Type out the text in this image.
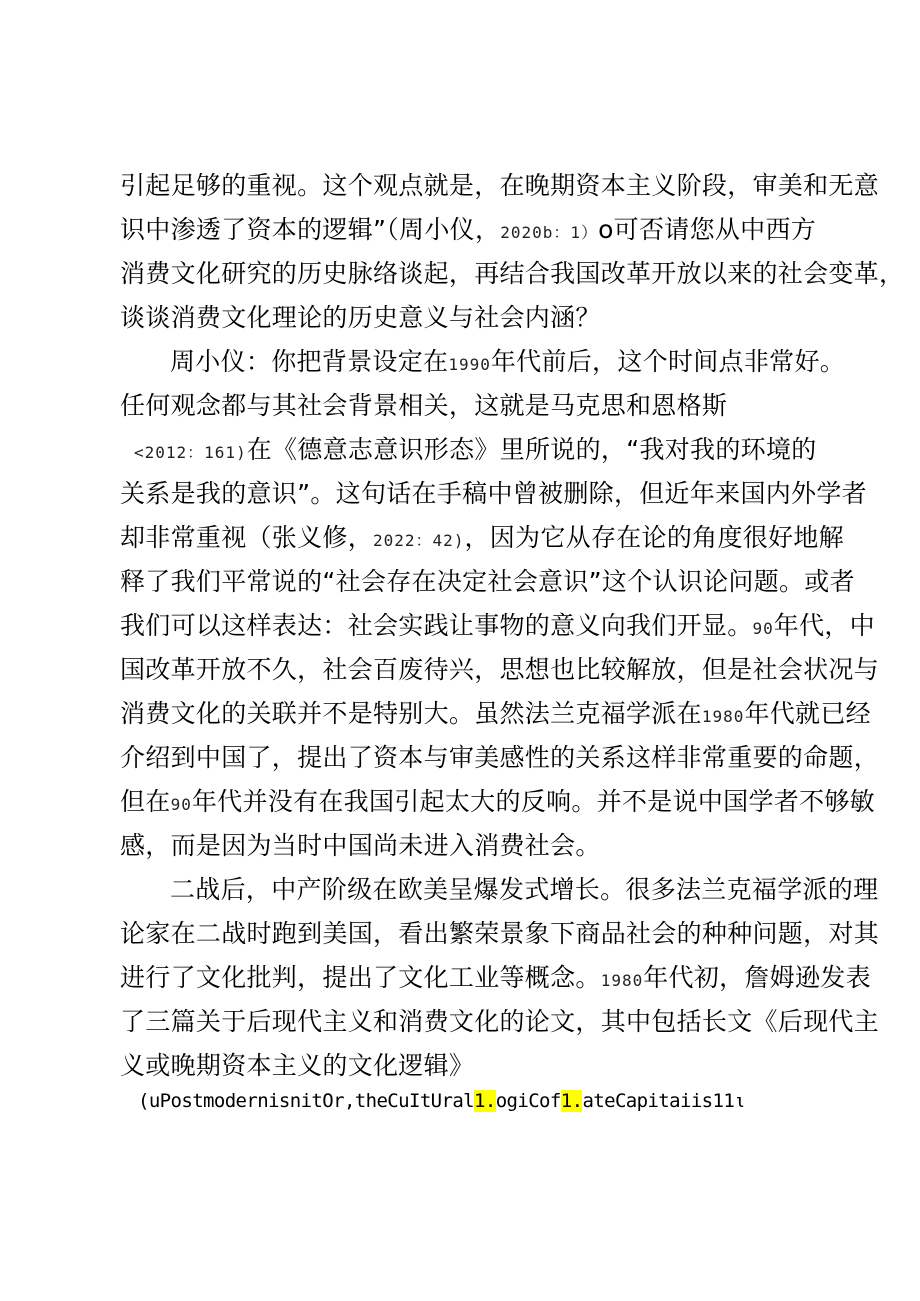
引起足够的重视。这个观点就是，在晚期资本主义阶段，审美和无意
识中渗透了资本的逻辑”（周小仪，2020b：1）o可否请您从中西方
消费文化研究的历史脉络谈起，再结合我国改革开放以来的社会变革，
谈谈消费文化理论的历史意义与社会内涵？
周小仪：你把背景设定在1990年代前后，这个时间点非常好。
任何观念都与其社会背景相关，这就是马克思和恩格斯
<2012：161)在《德意志意识形态》里所说的，“我对我的环境的
关系是我的意识”。这句话在手稿中曾被删除，但近年来国内外学者
却非常重视（张义修，2022：42)，因为它从存在论的角度很好地解
释了我们平常说的“社会存在决定社会意识”这个认识论问题。或者
我们可以这样表达：社会实践让事物的意义向我们开显。90年代，中
国改革开放不久，社会百废待兴，思想也比较解放，但是社会状况与
消费文化的关联并不是特别大。虽然法兰克福学派在1980年代就已经
介绍到中国了，提出了资本与审美感性的关系这样非常重要的命题，
但在90年代并没有在我国引起太大的反响。并不是说中国学者不够敏
感，而是因为当时中国尚未进入消费社会。
二战后，中产阶级在欧美呈爆发式增长。很多法兰克福学派的理
论家在二战时跑到美国，看出繁荣景象下商品社会的种种问题，对其
进行了文化批判，提出了文化工业等概念。1980年代初，詹姆逊发表
了三篇关于后现代主义和消费文化的论文，其中包括长文《后现代主
义或晚期资本主义的文化逻辑》
(uPostmodernisnitOr,theCuItUral1.ogiCof1.ateCapitaiis11ι
